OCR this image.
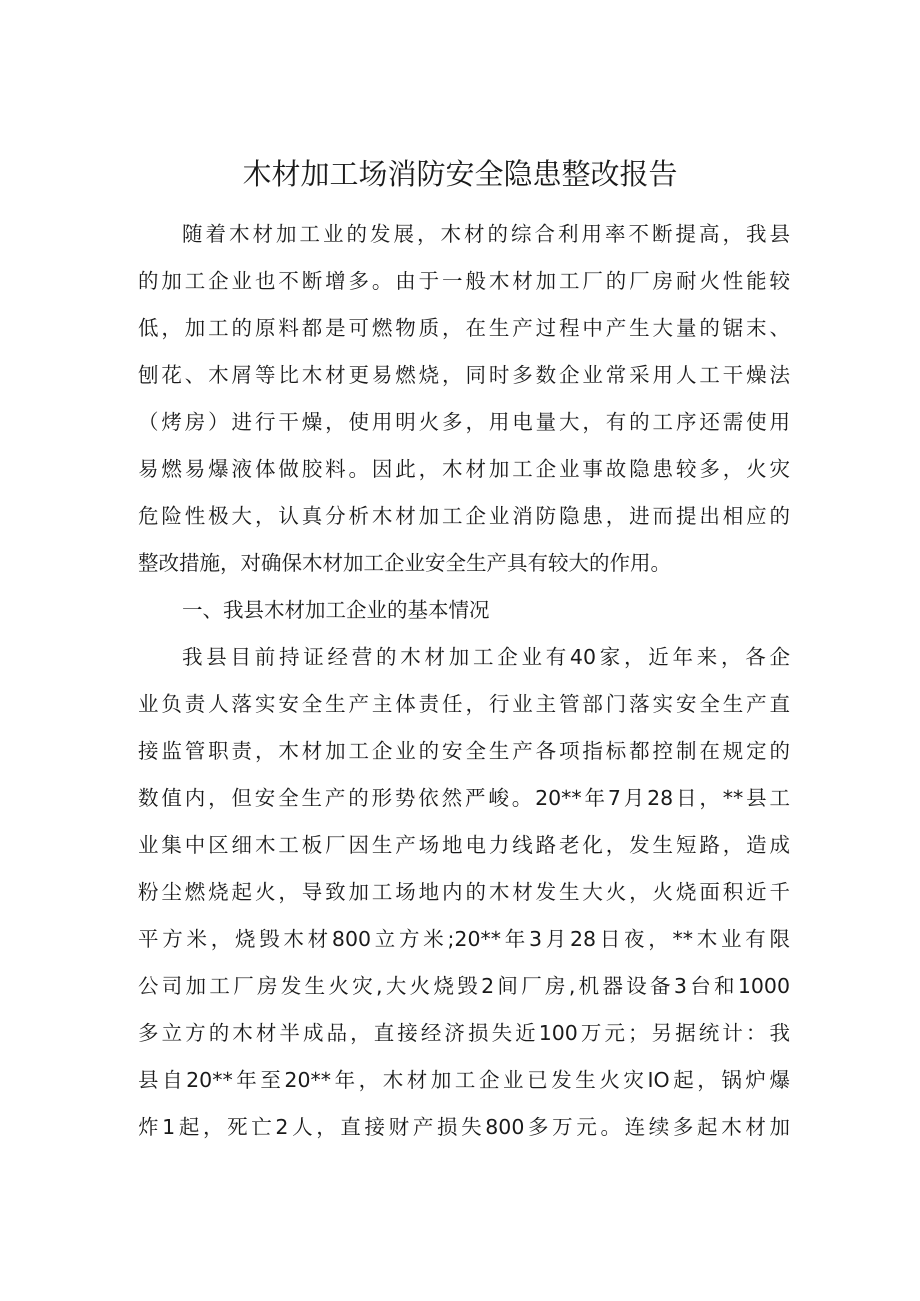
木材加工场消防安全隐患整改报告
随着木材加工业的发展，木材的综合利用率不断提高，我县
的加工企业也不断增多。由于一般木材加工厂的厂房耐火性能较
低，加工的原料都是可燃物质，在生产过程中产生大量的锯末、
刨花、木屑等比木材更易燃烧，同时多数企业常采用人工干燥法
（烤房）进行干燥，使用明火多，用电量大，有的工序还需使用
易燃易爆液体做胶料。因此，木材加工企业事故隐患较多，火灾
危险性极大，认真分析木材加工企业消防隐患，进而提出相应的
整改措施，对确保木材加工企业安全生产具有较大的作用。
一、我县木材加工企业的基本情况
我县目前持证经营的木材加工企业有40家，近年来，各企
业负责人落实安全生产主体责任，行业主管部门落实安全生产直
接监管职责，木材加工企业的安全生产各项指标都控制在规定的
数值内，但安全生产的形势依然严峻。20**年7月28日，**县工
业集中区细木工板厂因生产场地电力线路老化，发生短路，造成
粉尘燃烧起火，导致加工场地内的木材发生大火，火烧面积近千
平方米，烧毁木材800立方米;20**年3月28日夜，**木业有限
公司加工厂房发生火灾,大火烧毁2间厂房,机器设备3台和1000
多立方的木材半成品，直接经济损失近100万元；另据统计：我
县自20**年至20**年，木材加工企业已发生火灾IO起，锅炉爆
炸1起，死亡2人，直接财产损失800多万元。连续多起木材加
